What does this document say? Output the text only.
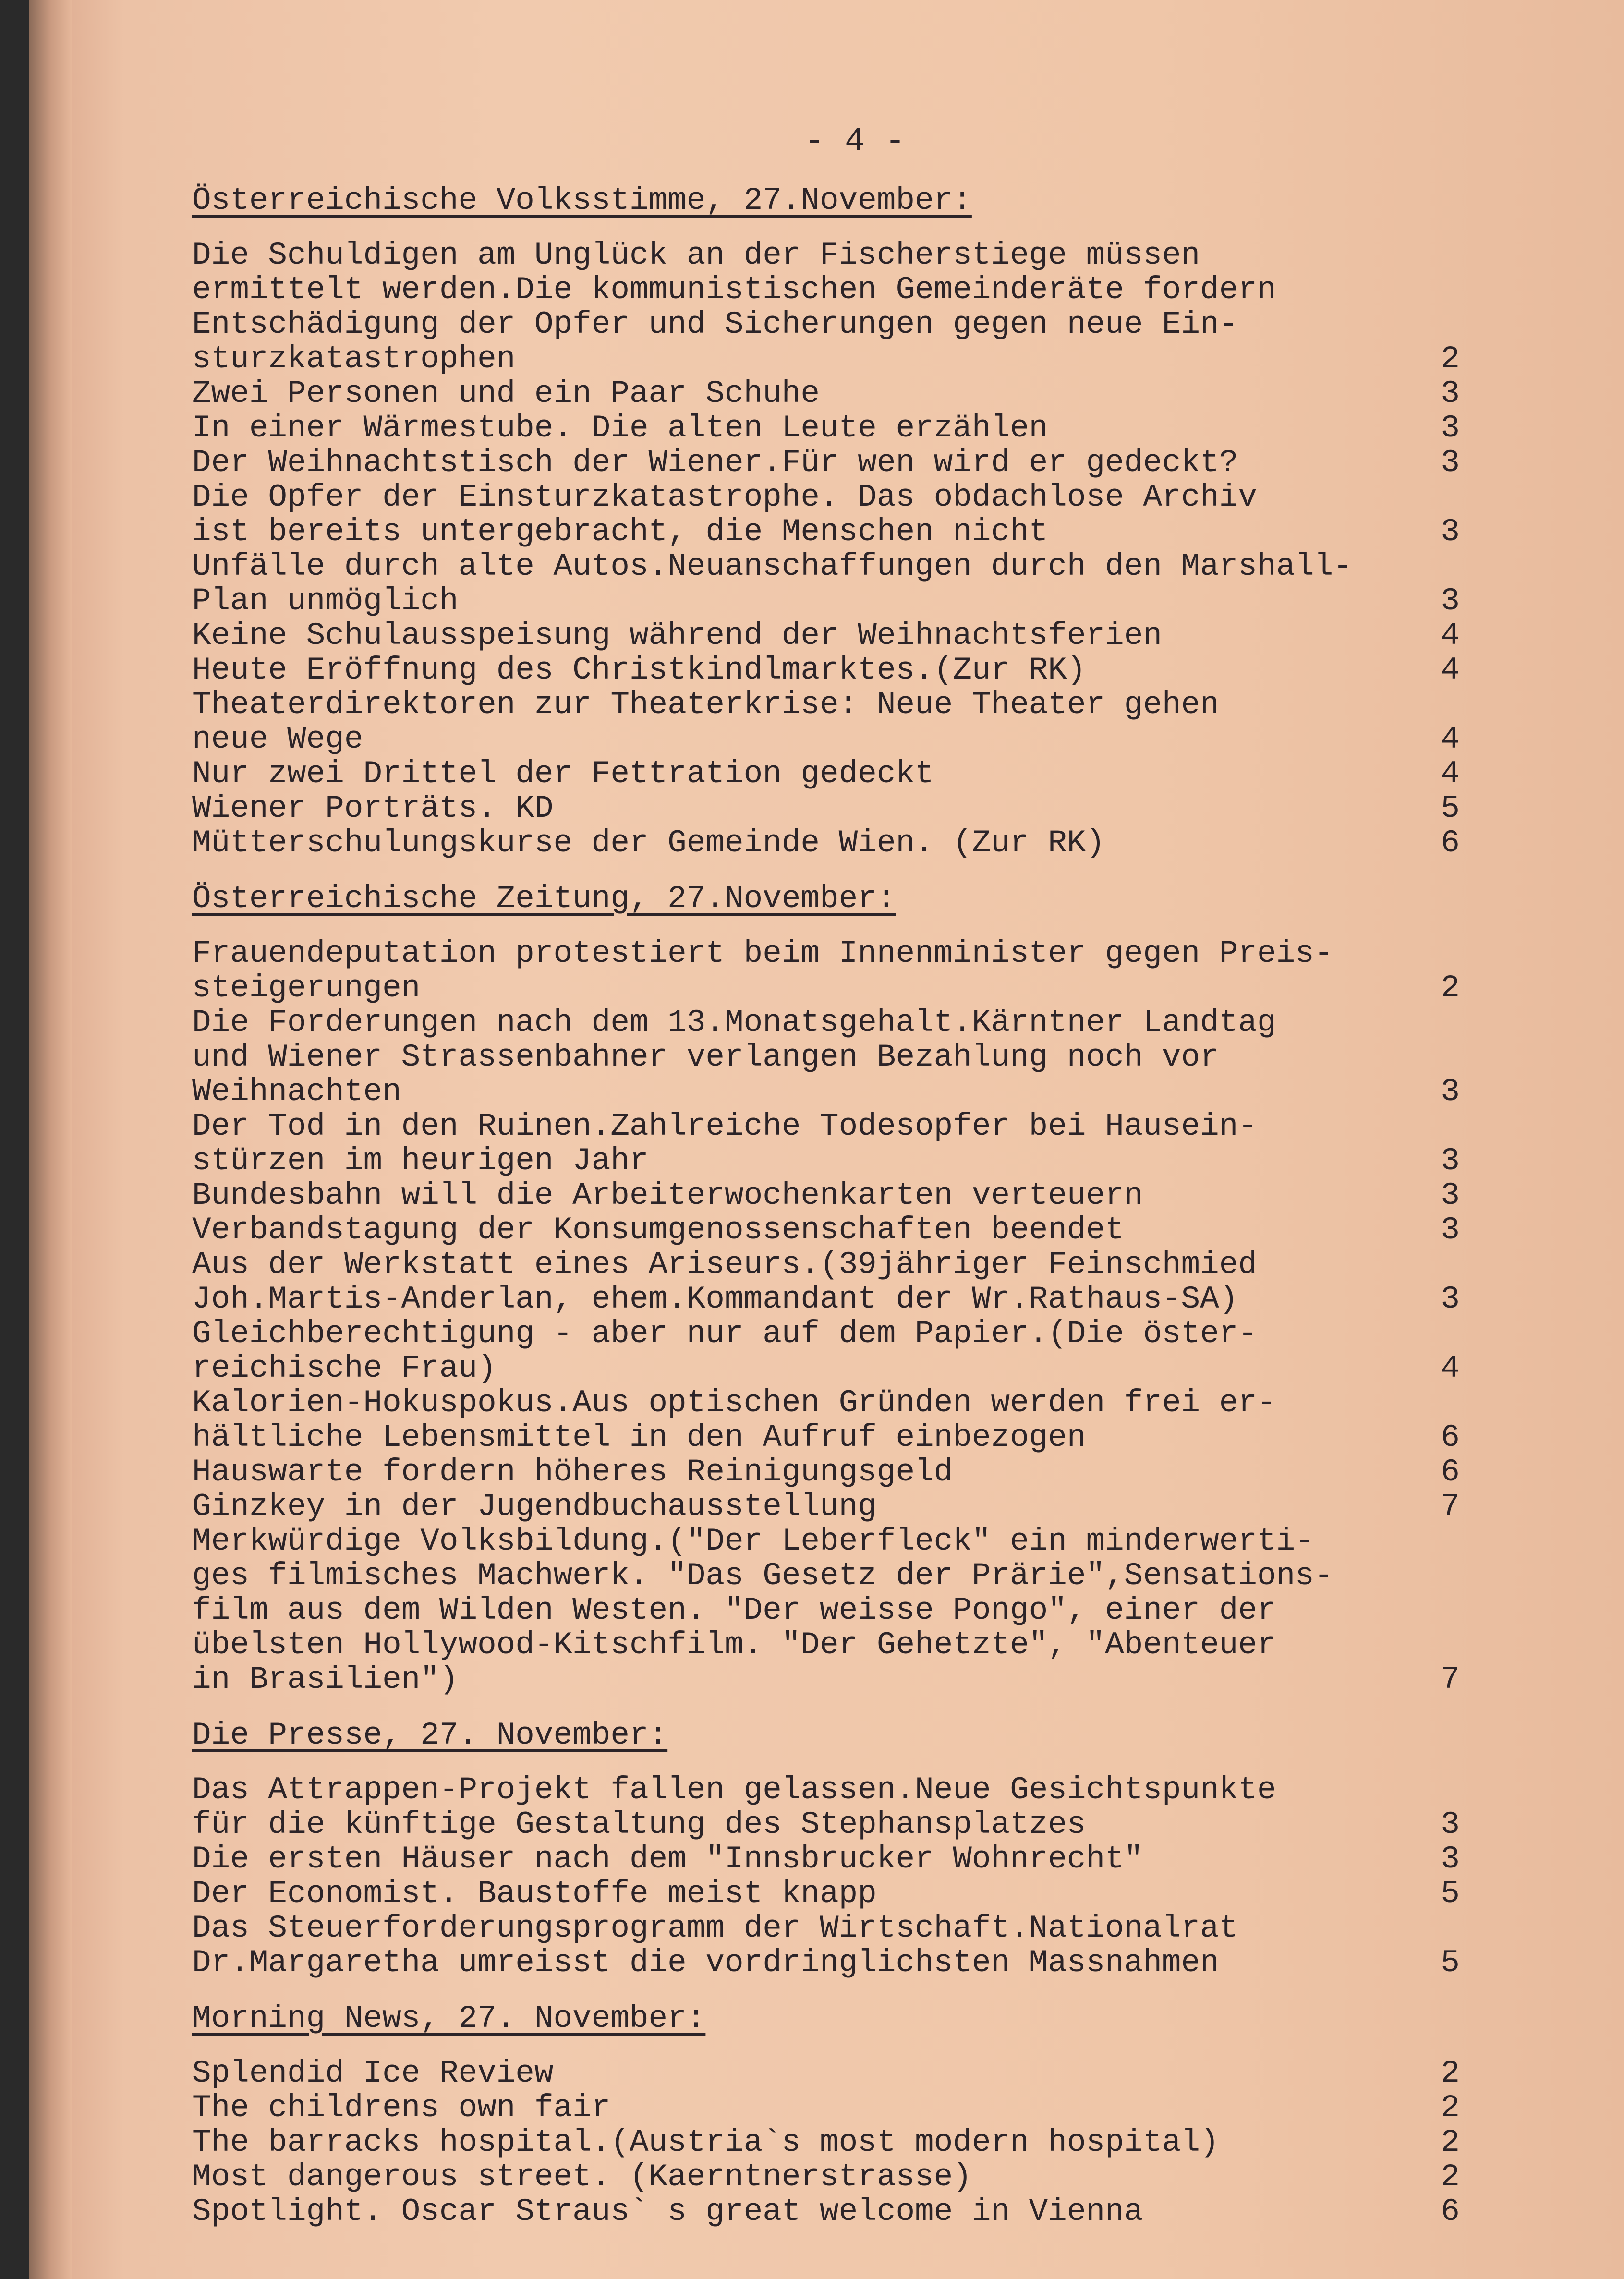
- 4 -
Österreichische Volksstimme, 27.November:
Die Schuldigen am Unglück an der Fischerstiege müssen
ermittelt werden.Die kommunistischen Gemeinderäte fordern
Entschädigung der Opfer und Sicherungen gegen neue Ein-
sturzkatastrophen	2
Zwei Personen und ein Paar Schuhe	3
In einer Wärmestube. Die alten Leute erzählen	3
Der Weihnachtstisch der Wiener.Für wen wird er gedeckt?	3
Die Opfer der Einsturzkatastrophe. Das obdachlose Archiv
ist bereits untergebracht, die Menschen nicht	3
Unfälle durch alte Autos.Neuanschaffungen durch den Marshall-
Plan unmöglich	3
Keine Schulausspeisung während der Weihnachtsferien	4
Heute Eröffnung des Christkindlmarktes.(Zur RK)	4
Theaterdirektoren zur Theaterkrise: Neue Theater gehen
neue Wege	4
Nur zwei Drittel der Fettration gedeckt	4
Wiener Porträts. KD	5
Mütterschulungskurse der Gemeinde Wien. (Zur RK)	6
Österreichische Zeitung, 27.November:
Frauendeputation protestiert beim Innenminister gegen Preis-
steigerungen	2
Die Forderungen nach dem 13.Monatsgehalt.Kärntner Landtag
und Wiener Strassenbahner verlangen Bezahlung noch vor
Weihnachten	3
Der Tod in den Ruinen.Zahlreiche Todesopfer bei Hausein-
stürzen im heurigen Jahr	3
Bundesbahn will die Arbeiterwochenkarten verteuern	3
Verbandstagung der Konsumgenossenschaften beendet	3
Aus der Werkstatt eines Ariseurs.(39jähriger Feinschmied
Joh.Martis-Anderlan, ehem.Kommandant der Wr.Rathaus-SA)	3
Gleichberechtigung - aber nur auf dem Papier.(Die öster-
reichische Frau)	4
Kalorien-Hokuspokus.Aus optischen Gründen werden frei er-
hältliche Lebensmittel in den Aufruf einbezogen	6
Hauswarte fordern höheres Reinigungsgeld	6
Ginzkey in der Jugendbuchausstellung	7
Merkwürdige Volksbildung.("Der Leberfleck" ein minderwerti-
ges filmisches Machwerk. "Das Gesetz der Prärie",Sensations-
film aus dem Wilden Westen. "Der weisse Pongo", einer der
übelsten Hollywood-Kitschfilm. "Der Gehetzte", "Abenteuer
in Brasilien")	7
Die Presse, 27. November:
Das Attrappen-Projekt fallen gelassen.Neue Gesichtspunkte
für die künftige Gestaltung des Stephansplatzes	3
Die ersten Häuser nach dem "Innsbrucker Wohnrecht"	3
Der Economist. Baustoffe meist knapp	5
Das Steuerforderungsprogramm der Wirtschaft.Nationalrat
Dr.Margaretha umreisst die vordringlichsten Massnahmen	5
Morning News, 27. November:
Splendid Ice Review	2
The childrens own fair	2
The barracks hospital.(Austria`s most modern hospital)	2
Most dangerous street. (Kaerntnerstrasse)	2
Spotlight. Oscar Straus` s great welcome in Vienna	6
